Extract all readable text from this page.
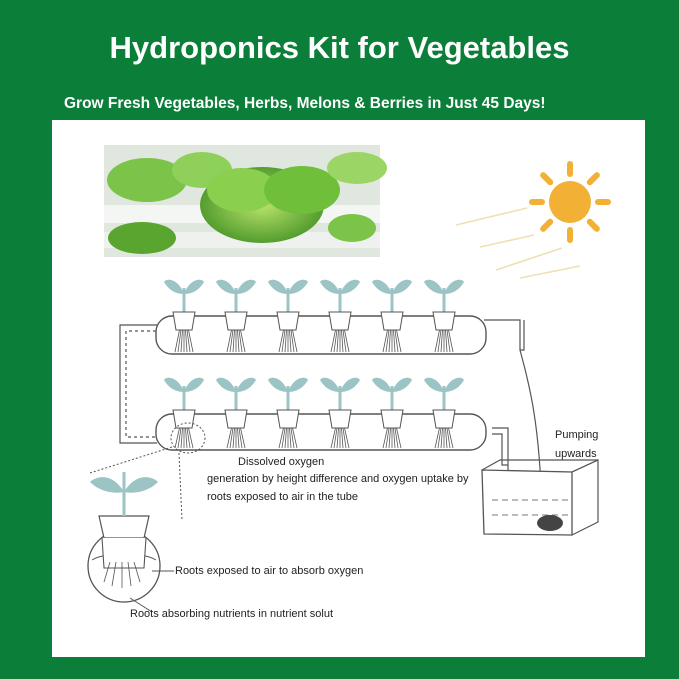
Hydroponics Kit for Vegetables
Grow Fresh Vegetables, Herbs, Melons & Berries in Just 45 Days!
Pumping
upwards
Dissolved oxygen
generation by height difference and oxygen uptake by
roots exposed to air in the tube
Roots exposed to air to absorb oxygen
Roots absorbing nutrients in nutrient solut
